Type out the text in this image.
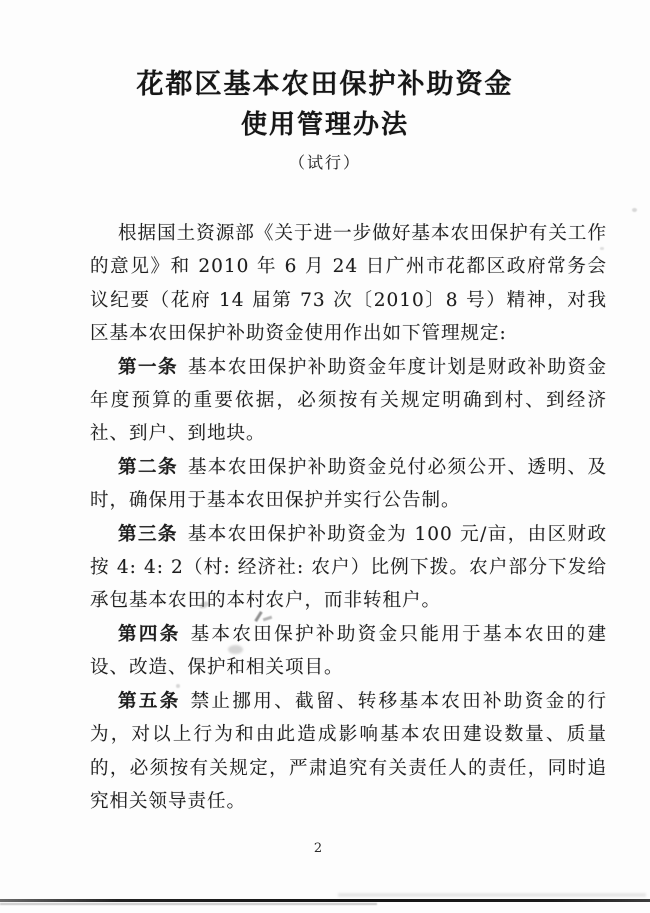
花都区基本农田保护补助资金
使用管理办法
（试行）

根据国土资源部《关于进一步做好基本农田保护有关工作的意见》和 2010 年 6 月 24 日广州市花都区政府常务会议纪要（花府 14 届第 73 次〔2010〕8 号）精神，对我区基本农田保护补助资金使用作出如下管理规定:

第一条 基本农田保护补助资金年度计划是财政补助资金年度预算的重要依据，必须按有关规定明确到村、到经济社、到户、到地块。

第二条 基本农田保护补助资金兑付必须公开、透明、及时，确保用于基本农田保护并实行公告制。

第三条 基本农田保护补助资金为 100 元/亩，由区财政按 4: 4: 2（村: 经济社: 农户）比例下拨。农户部分下发给承包基本农田的本村农户，而非转租户。

第四条 基本农田保护补助资金只能用于基本农田的建设、改造、保护和相关项目。

第五条 禁止挪用、截留、转移基本农田补助资金的行为，对以上行为和由此造成影响基本农田建设数量、质量的，必须按有关规定，严肃追究有关责任人的责任，同时追究相关领导责任。

2
